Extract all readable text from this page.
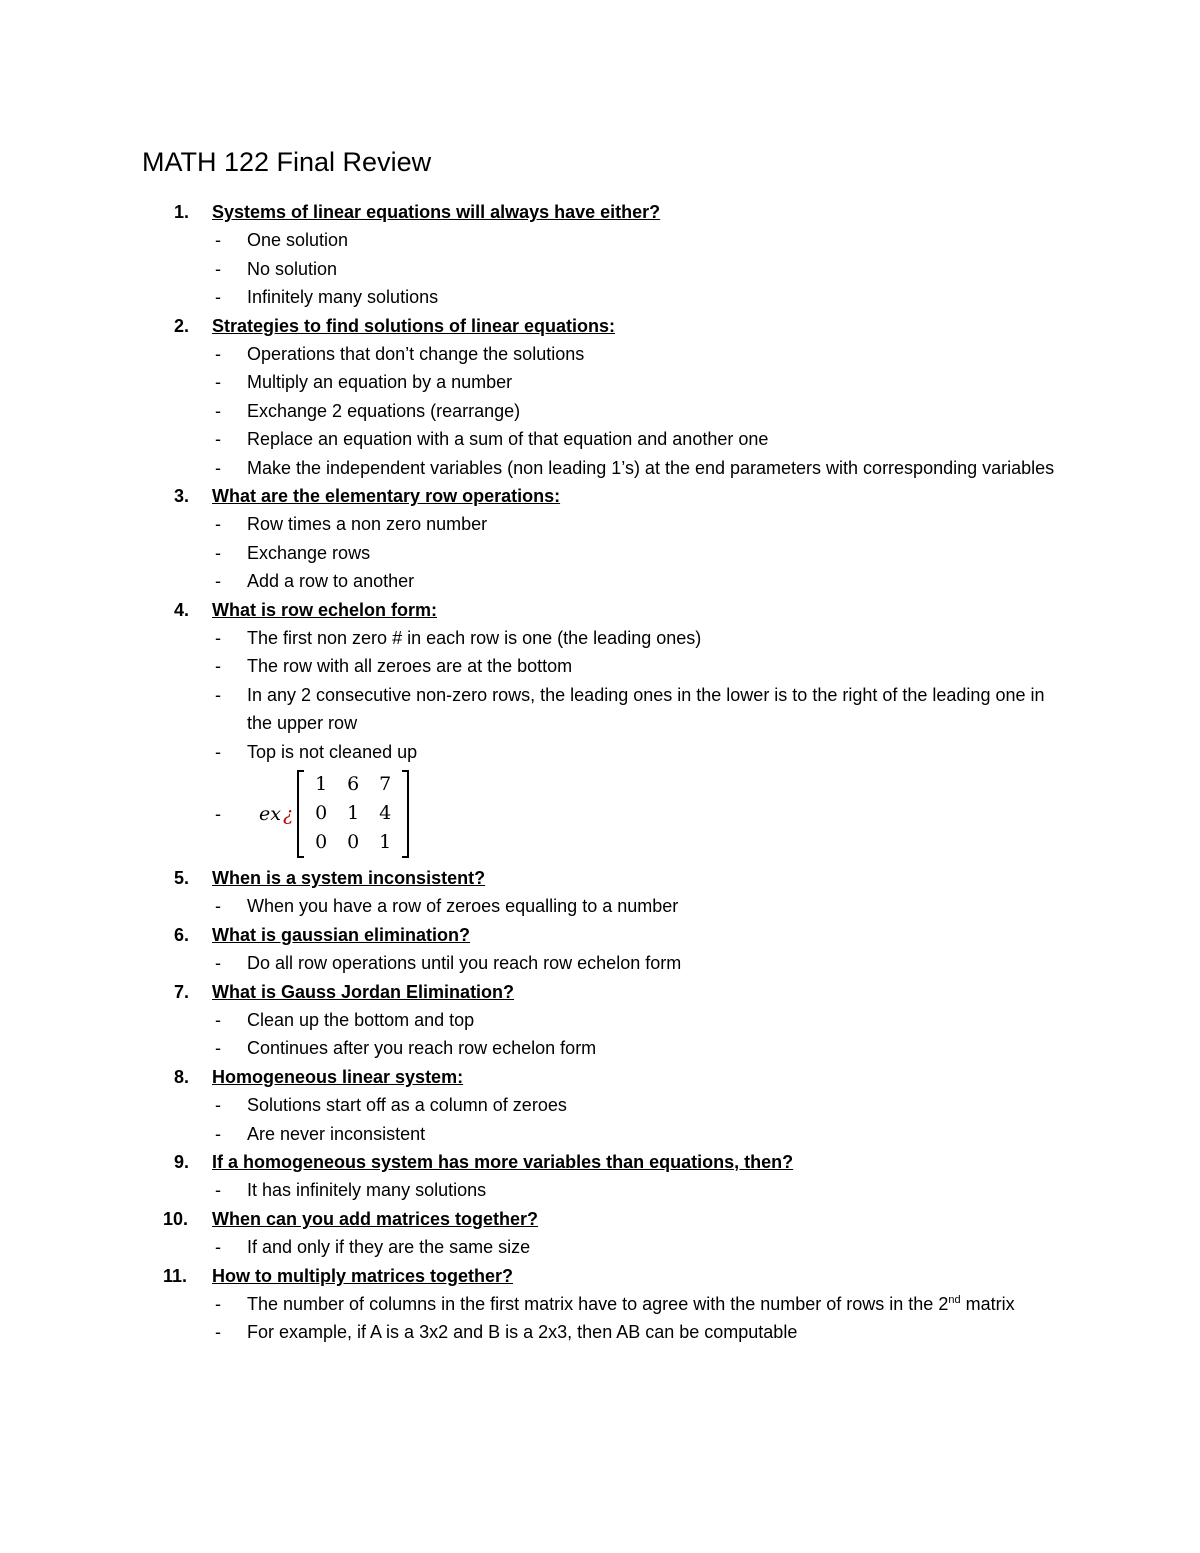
MATH 122 Final Review
1.	Systems of linear equations will always have either?
-	One solution
-	No solution
-	Infinitely many solutions
2.	Strategies to find solutions of linear equations:
-	Operations that don’t change the solutions
-	Multiply an equation by a number
-	Exchange 2 equations (rearrange)
-	Replace an equation with a sum of that equation and another one
-	Make the independent variables (non leading 1’s) at the end parameters with corresponding variables
3.	What are the elementary row operations:
-	Row times a non zero number
-	Exchange rows
-	Add a row to another
4.	What is row echelon form:
-	The first non zero # in each row is one (the leading ones)
-	The row with all zeroes are at the bottom
-	In any 2 consecutive non-zero rows, the leading ones in the lower is to the right of the leading one in the upper row
-	Top is not cleaned up
-	ex ¿
1 6 7
0 1 4
0 0 1
5.	When is a system inconsistent?
-	When you have a row of zeroes equalling to a number
6.	What is gaussian elimination?
-	Do all row operations until you reach row echelon form
7.	What is Gauss Jordan Elimination?
-	Clean up the bottom and top
-	Continues after you reach row echelon form
8.	Homogeneous linear system:
-	Solutions start off as a column of zeroes
-	Are never inconsistent
9.	If a homogeneous system has more variables than equations, then?
-	It has infinitely many solutions
10.	When can you add matrices together?
-	If and only if they are the same size
11.	How to multiply matrices together?
-	The number of columns in the first matrix have to agree with the number of rows in the 2nd matrix
-	For example, if A is a 3x2 and B is a 2x3, then AB can be computable
